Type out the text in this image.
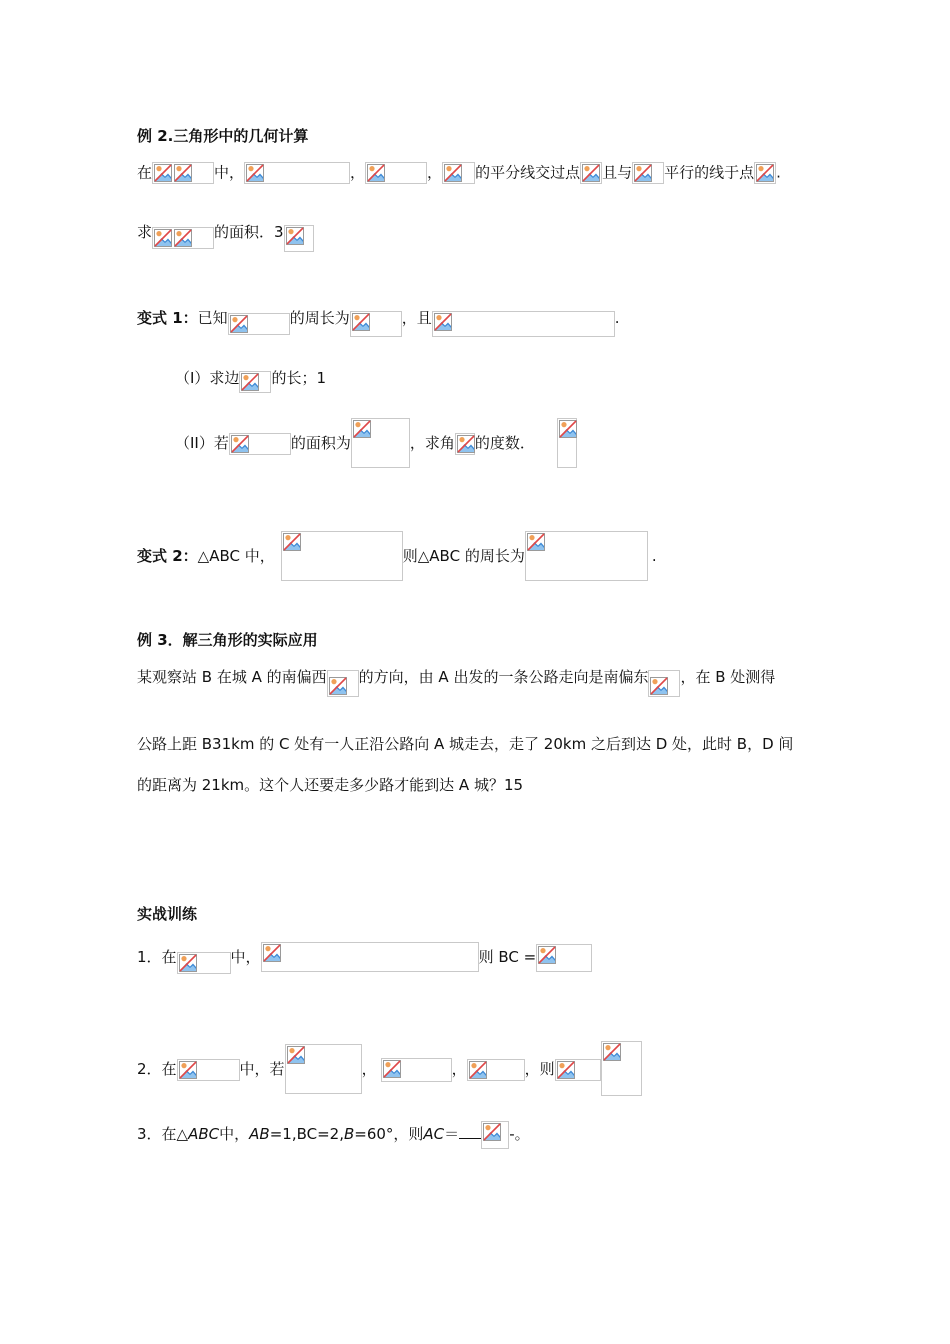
例 2.三角形中的几何计算
在	中，	，	， 的平分线交过点 且与 平行的线于点 .
求	的面积．3
变式 1：已知	的周长为	，且	.
（I）求边 的长；1
（II）若	的面积为	，求角 的度数．
变式 2：△ABC 中，	则△ABC 的周长为	.
例 3．解三角形的实际应用
某观察站 B 在城 A 的南偏西 的方向，由 A 出发的一条公路走向是南偏东 ，在 B 处测得
公路上距 B31km 的 C 处有一人正沿公路向 A 城走去，走了 20km 之后到达 D 处，此时 B，D 间
的距离为 21km。这个人还要走多少路才能到达 A 城？15
实战训练
1．在	中，	则 BC =
2．在	中，若	，	，	，则
3．在△ABC中，AB=1,BC=2,B=60°，则AC＝	-。
